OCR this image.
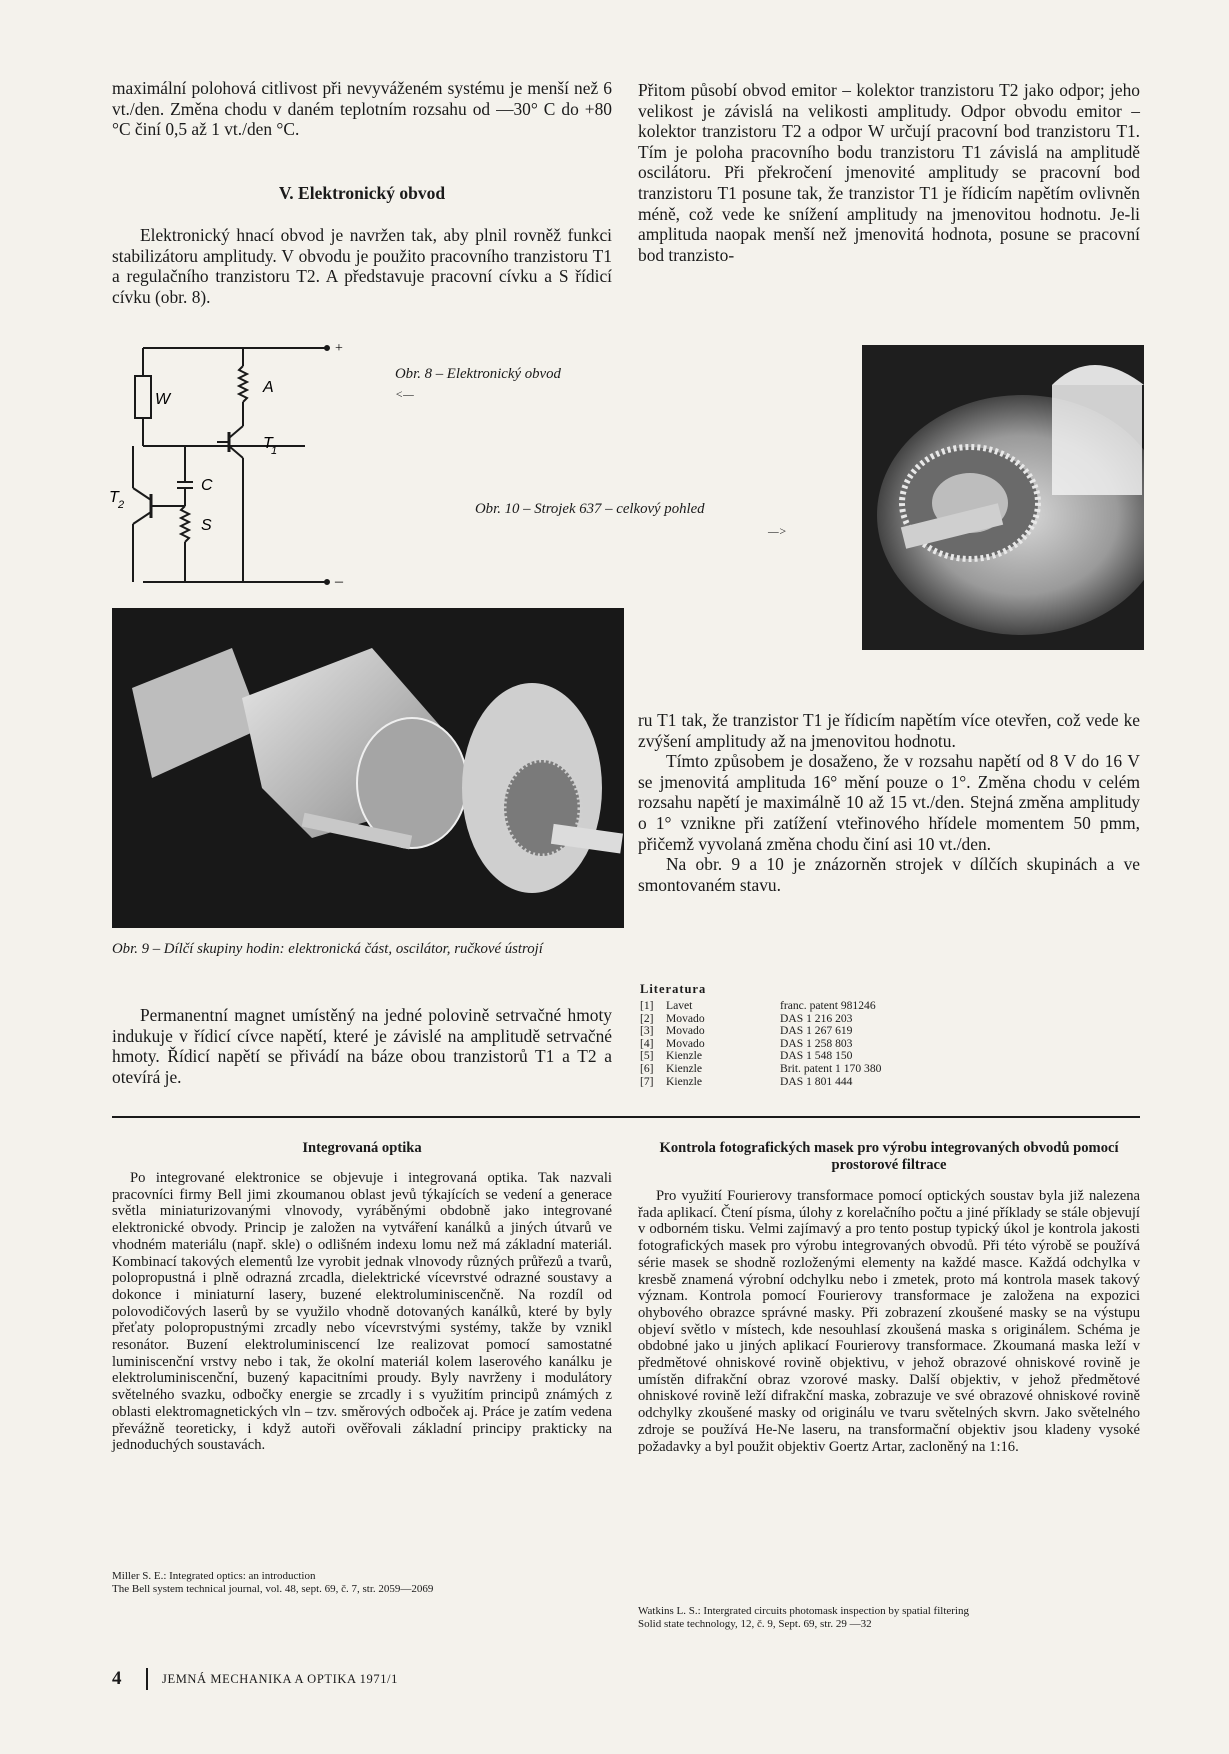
maximální polohová citlivost při nevyváženém systému je menší než 6 vt./den. Změna chodu v daném teplotním rozsahu od —30° C do +80 °C činí 0,5 až 1 vt./den °C.

V. Elektronický obvod

Elektronický hnací obvod je navržen tak, aby plnil rovněž funkci stabilizátoru amplitudy. V obvodu je použito pracovního tranzistoru T1 a regulačního tranzistoru T2. A představuje pracovní cívku a S řídicí cívku (obr. 8).

Přitom působí obvod emitor – kolektor tranzistoru T2 jako odpor; jeho velikost je závislá na velikosti amplitudy. Odpor obvodu emitor – kolektor tranzistoru T2 a odpor W určují pracovní bod tranzistoru T1. Tím je poloha pracovního bodu tranzistoru T1 závislá na amplitudě oscilátoru. Při překročení jmenovité amplitudy se pracovní bod tranzistoru T1 posune tak, že tranzistor T1 je řídicím napětím ovlivněn méně, což vede ke snížení amplitudy na jmenovitou hodnotu. Je-li amplituda naopak menší než jmenovitá hodnota, posune se pracovní bod tranzisto-

+
–
W
A
T
1
C
S
T 2
Obr. 8 – Elektronický obvod
<—
Obr. 10 – Strojek 637 – celkový pohled
—>
Obr. 9 – Dílčí skupiny hodin: elektronická část, oscilátor, ručkové ústrojí

ru T1 tak, že tranzistor T1 je řídicím napětím více otevřen, což vede ke zvýšení amplitudy až na jmenovitou hodnotu.

Tímto způsobem je dosaženo, že v rozsahu napětí od 8 V do 16 V se jmenovitá amplituda 16° mění pouze o 1°. Změna chodu v celém rozsahu napětí je maximálně 10 až 15 vt./den. Stejná změna amplitudy o 1° vznikne při zatížení vteřinového hřídele momentem 50 pmm, přičemž vyvolaná změna chodu činí asi 10 vt./den.

Na obr. 9 a 10 je znázorněn strojek v dílčích skupinách a ve smontovaném stavu.

Permanentní magnet umístěný na jedné polovině setrvačné hmoty indukuje v řídicí cívce napětí, které je závislé na amplitudě setrvačné hmoty. Řídicí napětí se přivádí na báze obou tranzistorů T1 a T2 a otevírá je.

Literatura
[1]	Lavet	franc. patent 981246
[2]	Movado	DAS 1 216 203
[3]	Movado	DAS 1 267 619
[4]	Movado	DAS 1 258 803
[5]	Kienzle	DAS 1 548 150
[6]	Kienzle	Brit. patent 1 170 380
[7]	Kienzle	DAS 1 801 444
Integrovaná optika

Po integrované elektronice se objevuje i integrovaná optika. Tak nazvali pracovníci firmy Bell jimi zkoumanou oblast jevů týkajících se vedení a generace světla miniaturizovanými vlnovody, vyráběnými obdobně jako integrované elektronické obvody. Princip je založen na vytváření kanálků a jiných útvarů ve vhodném materiálu (např. skle) o odlišném indexu lomu než má základní materiál. Kombinací takových elementů lze vyrobit jednak vlnovody různých průřezů a tvarů, polopropustná i plně odrazná zrcadla, dielektrické vícevrstvé odrazné soustavy a dokonce i miniaturní lasery, buzené elektroluminiscenčně. Na rozdíl od polovodičových laserů by se využilo vhodně dotovaných kanálků, které by byly přeťaty polopropustnými zrcadly nebo vícevrstvými systémy, takže by vznikl resonátor. Buzení elektroluminiscencí lze realizovat pomocí samostatné luminiscenční vrstvy nebo i tak, že okolní materiál kolem laserového kanálku je elektroluminiscenční, buzený kapacitními proudy. Byly navrženy i modulátory světelného svazku, odbočky energie se zrcadly i s využitím principů známých z oblasti elektromagnetických vln – tzv. směrových odboček aj. Práce je zatím vedena převážně teoreticky, i když autoři ověřovali základní principy prakticky na jednoduchých soustavách.

Miller S. E.: Integrated optics: an introduction
The Bell system technical journal, vol. 48, sept. 69, č. 7, str. 2059—2069
Kontrola fotografických masek pro výrobu integrovaných obvodů pomocí prostorové filtrace

Pro využití Fourierovy transformace pomocí optických soustav byla již nalezena řada aplikací. Čtení písma, úlohy z korelačního počtu a jiné příklady se stále objevují v odborném tisku. Velmi zajímavý a pro tento postup typický úkol je kontrola jakosti fotografických masek pro výrobu integrovaných obvodů. Při této výrobě se používá série masek se shodně rozloženými elementy na každé masce. Každá odchylka v kresbě znamená výrobní odchylku nebo i zmetek, proto má kontrola masek takový význam. Kontrola pomocí Fourierovy transformace je založena na expozici ohybového obrazce správné masky. Při zobrazení zkoušené masky se na výstupu objeví světlo v místech, kde nesouhlasí zkoušená maska s originálem. Schéma je obdobné jako u jiných aplikací Fourierovy transformace. Zkoumaná maska leží v předmětové ohniskové rovině objektivu, v jehož obrazové ohniskové rovině je umístěn difrakční obraz vzorové masky. Další objektiv, v jehož předmětové ohniskové rovině leží difrakční maska, zobrazuje ve své obrazové ohniskové rovině odchylky zkoušené masky od originálu ve tvaru světelných skvrn. Jako světelného zdroje se používá He-Ne laseru, na transformační objektiv jsou kladeny vysoké požadavky a byl použit objektiv Goertz Artar, zacloněný na 1:16.

Watkins L. S.: Intergrated circuits photomask inspection by spatial filtering
Solid state technology, 12, č. 9, Sept. 69, str. 29 —32
4	JEMNÁ MECHANIKA A OPTIKA 1971/1
